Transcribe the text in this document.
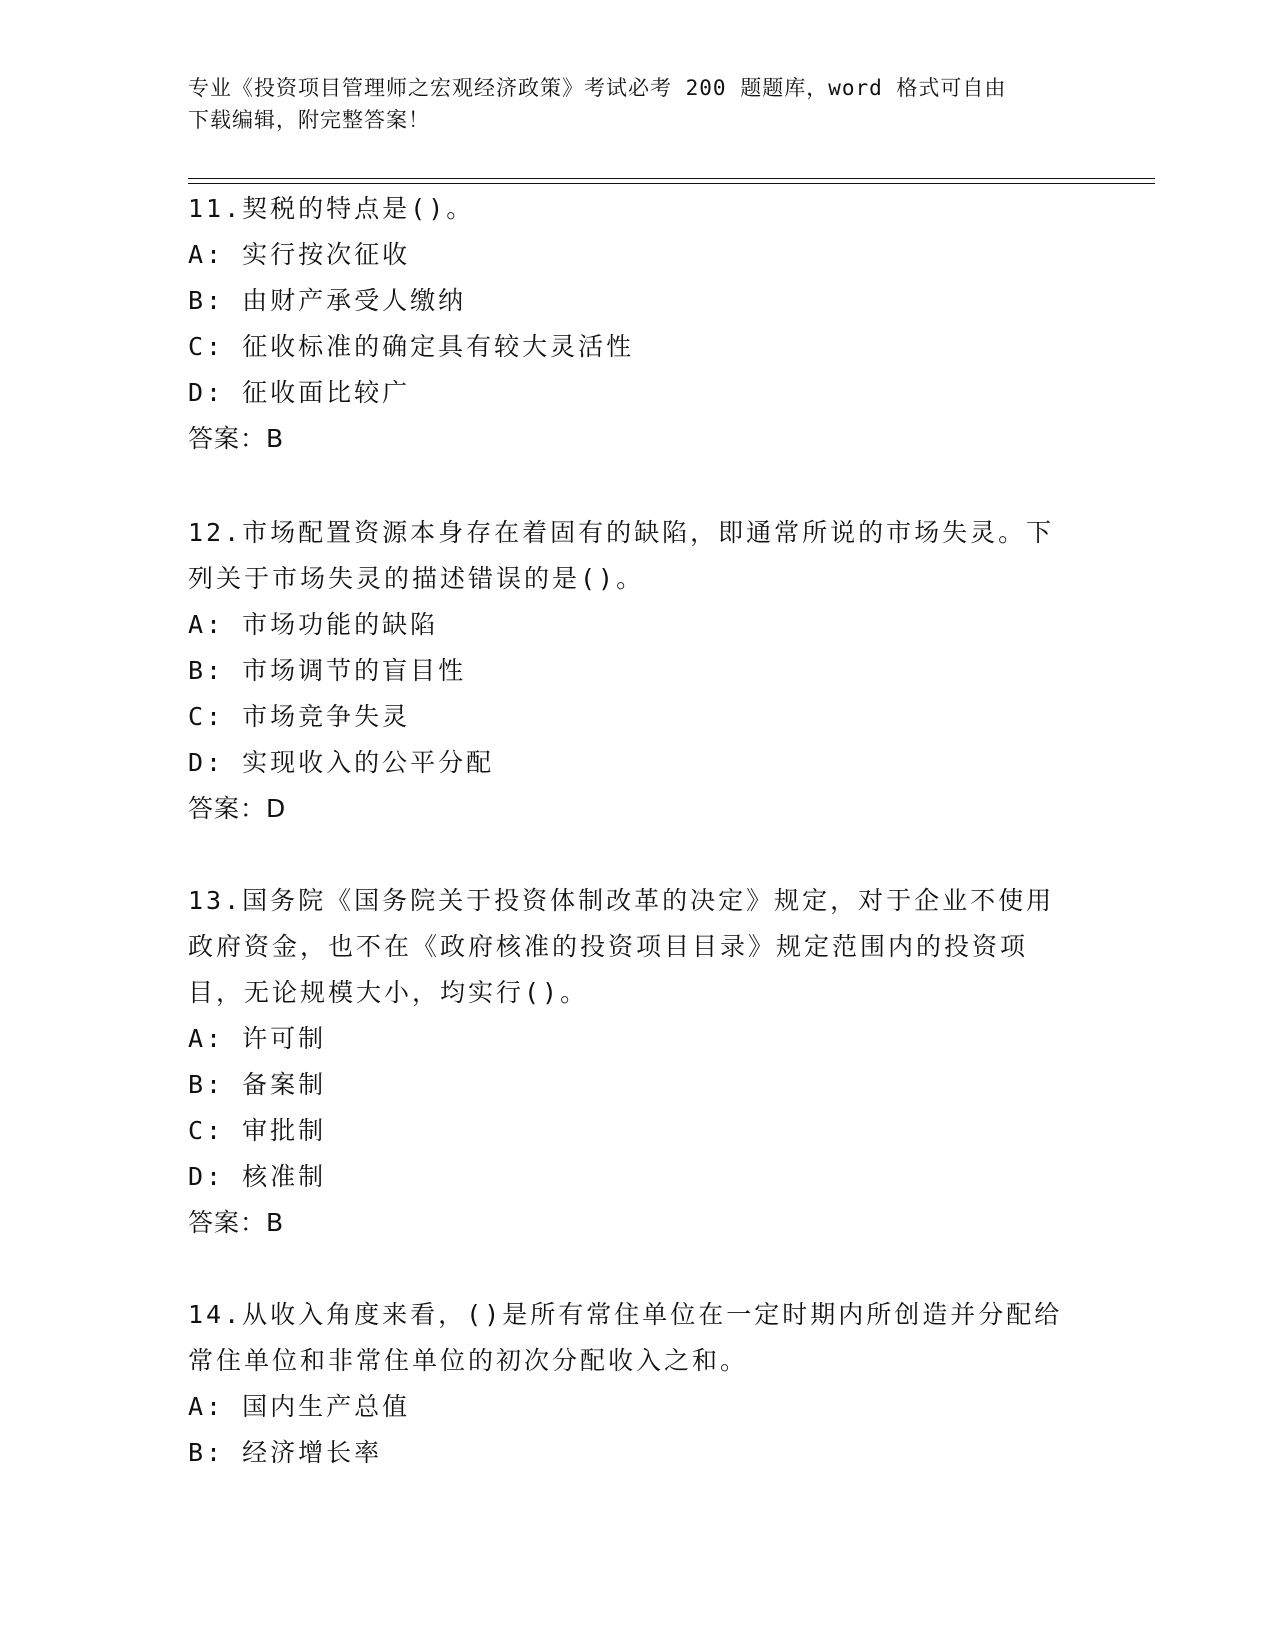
专业《投资项目管理师之宏观经济政策》考试必考 200 题题库，word 格式可自由
下载编辑，附完整答案！
11.契税的特点是()。
A: 实行按次征收
B: 由财产承受人缴纳
C: 征收标准的确定具有较大灵活性
D: 征收面比较广
答案：B
12.市场配置资源本身存在着固有的缺陷，即通常所说的市场失灵。下
列关于市场失灵的描述错误的是()。
A: 市场功能的缺陷
B: 市场调节的盲目性
C: 市场竞争失灵
D: 实现收入的公平分配
答案：D
13.国务院《国务院关于投资体制改革的决定》规定，对于企业不使用
政府资金，也不在《政府核准的投资项目目录》规定范围内的投资项
目，无论规模大小，均实行()。
A: 许可制
B: 备案制
C: 审批制
D: 核准制
答案：B
14.从收入角度来看，()是所有常住单位在一定时期内所创造并分配给
常住单位和非常住单位的初次分配收入之和。
A: 国内生产总值
B: 经济增长率
